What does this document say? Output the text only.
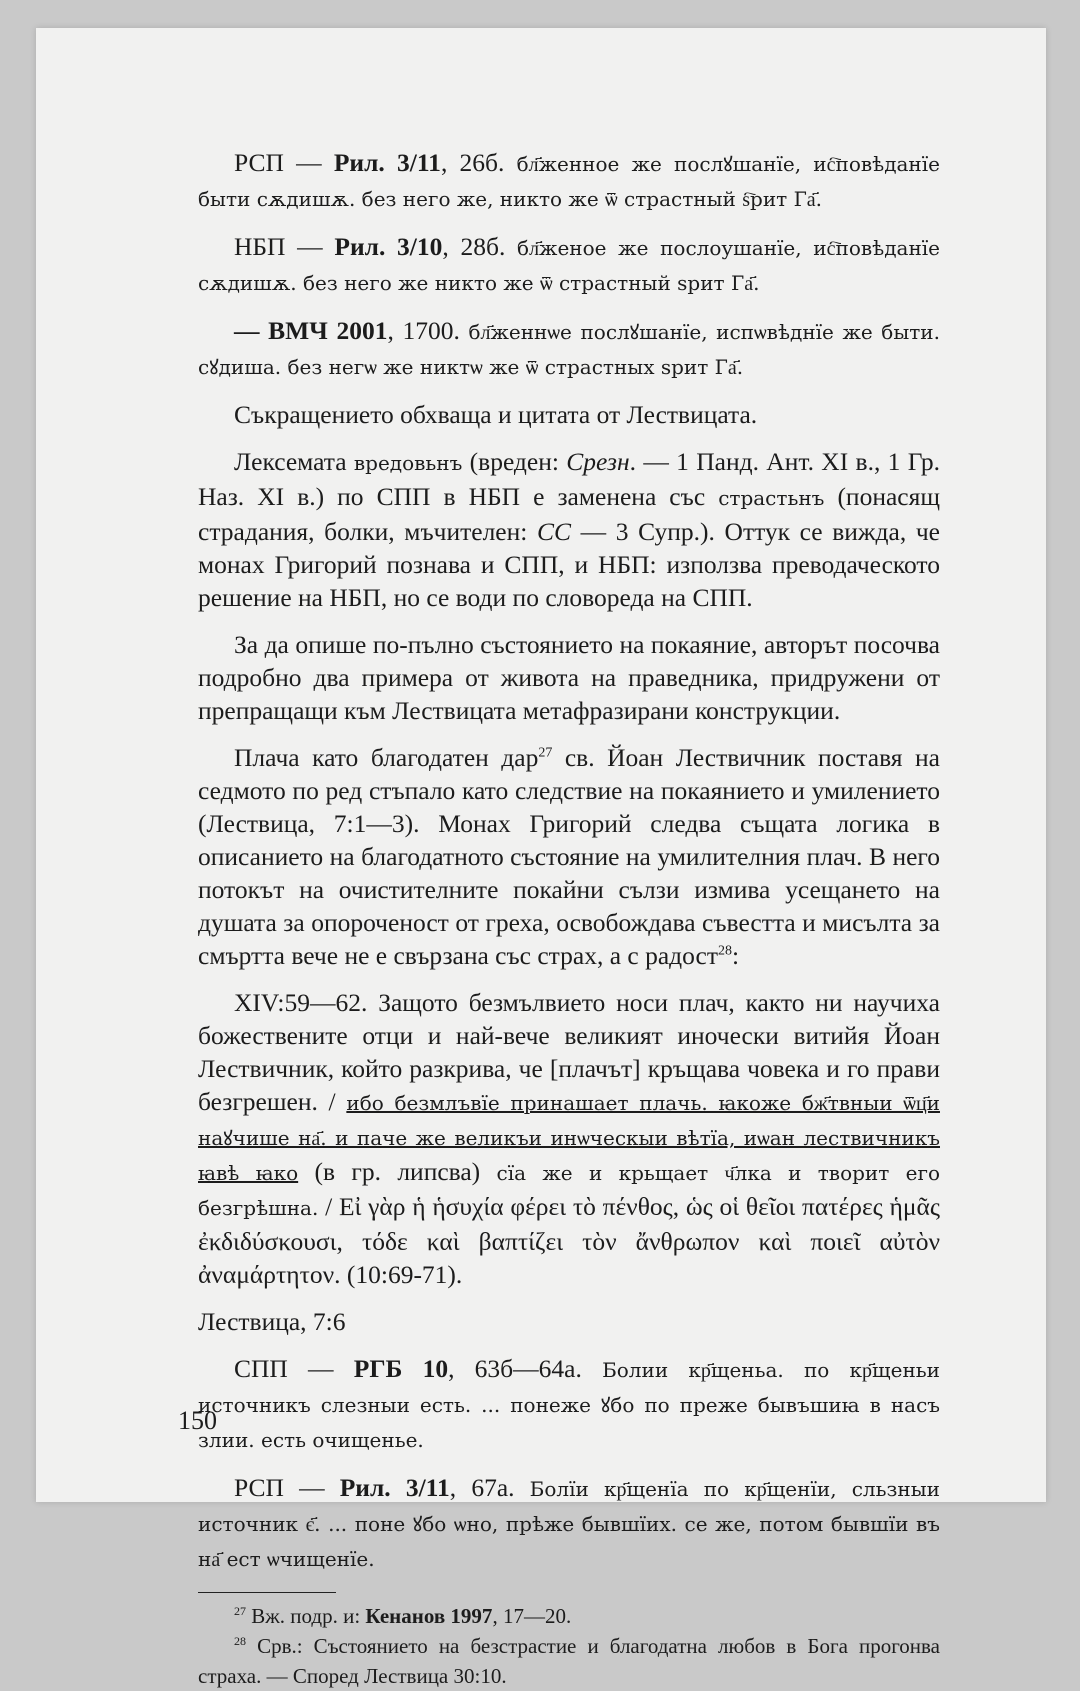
РСП — Рил. 3/11, 26б. бл҃женное же послꙋшанїе, ис҇повѣданїе быти сѫдишѫ. без него же, никто же ѿ страстный ѕ҇рит Га҃.

НБП — Рил. 3/10, 28б. бл҃женое же послоушанїе, ис҇повѣданїе сѫдишѫ. без него же никто же ѿ страстный ѕрит Га҃.

— ВМЧ 2001, 1700. бл҃женнѡе послꙋшанїе, испѡвѣднїе же быти. сꙋдиша. без негѡ же никтѡ же ѿ страстных ѕрит Га҃.

Съкращението обхваща и цитата от Лествицата.

Лексемата вредовьнъ (вреден: Срезн. — 1 Панд. Ант. XI в., 1 Гр. Наз. XI в.) по СПП в НБП е заменена със страстьнъ (понасящ страдания, болки, мъчителен: СС — 3 Супр.). Оттук се вижда, че монах Григорий познава и СПП, и НБП: използва преводаческото решение на НБП, но се води по словореда на СПП.

За да опише по-пълно състоянието на покаяние, авторът посочва подробно два примера от живота на праведника, придружени от препращащи към Лествицата метафразирани конструкции.

Плача като благодатен дар$^{27}$ св. Йоан Лествичник поставя на седмото по ред стъпало като следствие на покаянието и умилението (Лествица, 7:1—3). Монах Григорий следва същата логика в описанието на благодатното състояние на умилителния плач. В него потокът на очистителните покайни сълзи измива усещането на душата за опороченост от греха, освобождава съвестта и мисълта за смъртта вече не е свързана със страх, а с радост$^{28}$:

XIV:59—62. Защото безмълвието носи плач, както ни научиха божествените отци и най-вече великият иночески витийя Йоан Лествичник, който разкрива, че [плачът] кръщава човека и го прави безгрешен. / ибо безмлъвїе принашает плачь. ꙗкоже бж҃твныи ѿц҃и наꙋчише на҃. и паче же великъи инѡческыи вѣтїа, иѡан лествичникъ ꙗвѣ ꙗко (в гр. липсва) сїа же и крьщает ч҃лка и творит его безгрѣшна. / Εἰ γὰρ ἡ ἡσυχία φέρει τὸ πένθος, ὡς οἱ θεῖοι πατέρες ἡμᾶς ἐκδιδύσκουσι, τόδε καὶ βαπτίζει τὸν ἄνθρωπον καὶ ποιεῖ αὐτὸν ἀναμάρτητον. (10:69-71).

Лествица, 7:6

СПП — РГБ 10, 63б—64а. Болии кр҃щеньа. по кр҃щеньи источникъ слезныи есть. ... понеже ꙋбо по преже бывъшиꙗ в насъ злии. есть очищенье.

РСП — Рил. 3/11, 67а. Болїи кр҃щенїа по кр҃щенїи, сльзныи источник є҃. ... поне ꙋбо ѡно, прѣже бывшїих. се же, потом бывшїи въ на҃ ест ѡчищенїе.

$^{27}$ Вж. подр. и: Кенанов 1997, 17—20.

$^{28}$ Срв.: Състоянието на безстрастие и благодатна любов в Бога прогонва страха. — Според Лествица 30:10.

150
